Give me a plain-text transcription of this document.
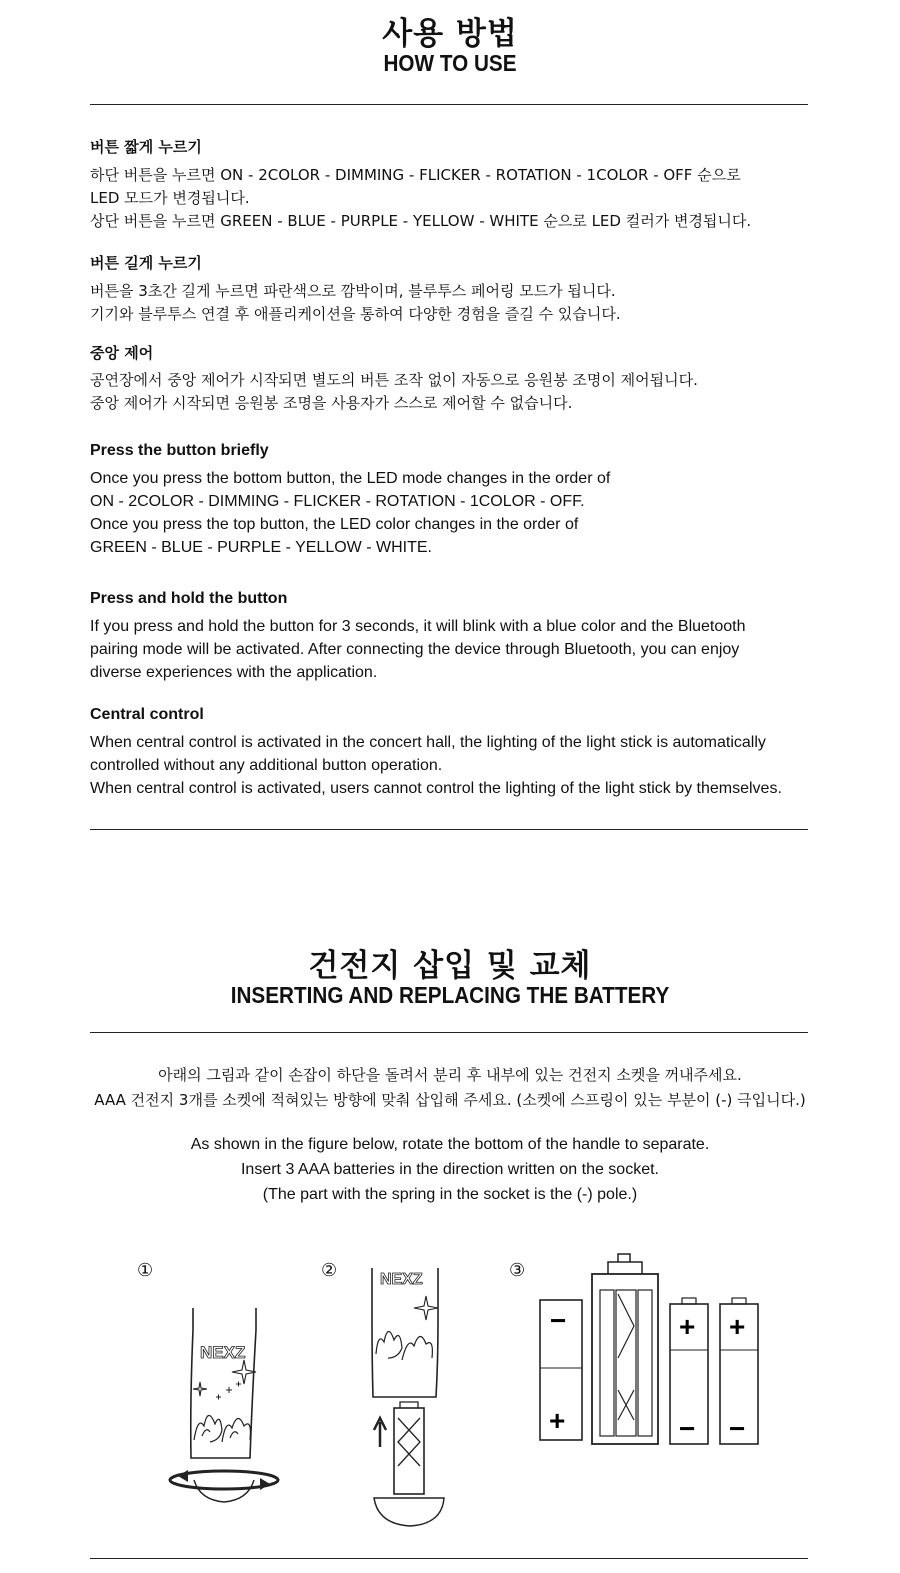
사용 방법
HOW TO USE
버튼 짧게 누르기
하단 버튼을 누르면 ON - 2COLOR - DIMMING - FLICKER - ROTATION - 1COLOR - OFF 순으로
LED 모드가 변경됩니다.
상단 버튼을 누르면 GREEN - BLUE - PURPLE - YELLOW - WHITE 순으로 LED 컬러가 변경됩니다.
버튼 길게 누르기
버튼을 3초간 길게 누르면 파란색으로 깜박이며, 블루투스 페어링 모드가 됩니다.
기기와 블루투스 연결 후 애플리케이션을 통하여 다양한 경험을 즐길 수 있습니다.
중앙 제어
공연장에서 중앙 제어가 시작되면 별도의 버튼 조작 없이 자동으로 응원봉 조명이 제어됩니다.
중앙 제어가 시작되면 응원봉 조명을 사용자가 스스로 제어할 수 없습니다.
Press the button briefly
Once you press the bottom button, the LED mode changes in the order of
ON - 2COLOR - DIMMING - FLICKER - ROTATION - 1COLOR - OFF.
Once you press the top button, the LED color changes in the order of
GREEN - BLUE - PURPLE - YELLOW - WHITE.
Press and hold the button
If you press and hold the button for 3 seconds, it will blink with a blue color and the Bluetooth
pairing mode will be activated. After connecting the device through Bluetooth, you can enjoy
diverse experiences with the application.
Central control
When central control is activated in the concert hall, the lighting of the light stick is automatically
controlled without any additional button operation.
When central control is activated, users cannot control the lighting of the light stick by themselves.
건전지 삽입 및 교체
INSERTING AND REPLACING THE BATTERY
아래의 그림과 같이 손잡이 하단을 돌려서 분리 후 내부에 있는 건전지 소켓을 꺼내주세요.
AAA 건전지 3개를 소켓에 적혀있는 방향에 맞춰 삽입해 주세요. (소켓에 스프링이 있는 부분이 (-) 극입니다.)
As shown in the figure below, rotate the bottom of the handle to separate.
Insert 3 AAA batteries in the direction written on the socket.
(The part with the spring in the socket is the (-) pole.)
①	②	③
NEXZ
NEXZ
−
+
+
−
+
−
